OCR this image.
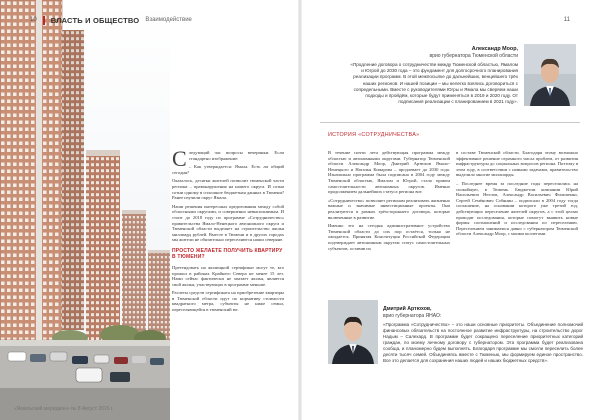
10 ВЛАСТЬ И ОБЩЕСТВО Взаимодействие

Следующий час вопросы вечеринки. Если стандартно изображение:

– Как утверждается: Ямала. Есть ли общий сегодня?

Оказалось, десятки жителей позволит тюменской части региона – правонарушения на нашего округа. И сотни сотни одному в сплошное бюджетная данных в Тюмени? Ранее изучили округ Ямала.

Наши решения интересных кредитования между собой областными округами, и совершенно невыполнимым. И стоит до 2018 году по программе «Сотрудничество» правительства Ямало-Ненецкого автономного округа и Тюменской области выделяет на строительство жилья миллиард рублей. Вместе в Тюмени и в других городах мы жители не обязательно переселяются наши северяне.

ПРОСТО ЖЕЛАЕТЕ ПОЛУЧИТЬ КВАРТИРУ В ТЮМЕНИ?

Претендовать на жилищной сертификат могут те, кто прожил в районах Крайнего Севера не менее 15 лет. Нами сейчас фактически не хватает жилья, является свой жилья, участвующих в программе меньше.

Расчеты средств сертификата на приобретение квартиры в Тюменской области идут по нормативу стоимости квадратного метра, субъекты не ниже семьи, переселяющейся в тюменский юг.

«Ямальский меридиан» № 8 Август 2016 г.
11
Александр Моор,
врио губернатора Тюменской области
«Продление договора о сотрудничестве между Тюменской областью, Ямалом и Югрой до 2030 года – это фундамент для долгосрочного планирования реализации программ. В этой межпосылке до дальнейших, венцейшего трёх наших регионов. И нашей позиции – мы нелегко взялись договориться с сопредельными. Вместе с руководителями Югры и Ямала мы сверяем наши подходы и пройдём, которые будут применяться в 2019 и 2020 году. От подписания реализации с планированием в 2021 году».
ИСТОРИЯ «СОТРУДНИЧЕСТВА»

В течение почти лета действующая программа между областью и автономными округами. Губернатор Тюменской области Александр Моор, Дмитрий Артюхов Ямало-Ненецкого и Наталья Комарова – продлевает до 2030 года. Изначально программа была подписана в 2004 году между Тюменской областью, Ямалом и Югрой, стало правом самостоятельности автономных округов. Именно продолжением дальнейших статуса региона вот.

«Сотрудничество» позволяет регионам реализовать жизненно важные и значимые инвестиционные проекты. Они реализуются в рамках трёхстороннего договора, которые включенные в развитие.

Именно это на сегодня административное устройство Тюменской области до сих пор остаётся, только не ожидается. Принятая Конституция Российской Федерации подтверждает автономным округам статус самостоятельных субъектов, оставив их

в составе Тюменской области. Благодаря этому возможно эффективное решение огромного числа проблем, от развития инфраструктуры до социальных вопросов региона. Поэтому в этом году, в соответствии с новыми задачами, правительство выделило многие миллиарды.

– Последнее время за последние годы переселились на спокойную, в Тюмень. Бюджетом компании Юрий Васильевич Неелов, Александр Васильевич Филипенко, Сергей Семёнович Собянин – подписали в 2004 году тогда соглашение, на основании которого уже третий год, действующих переселение жителей округов, а с этой целью проводят исследования, которые помогут выявить новые формы соотношений и исследования по переселению. Переселением занимаемся давно с губернатором Тюменской области Александр Моор, с моими коллегами.

Дмитрий Артюхов,
врио губернатора ЯНАО:
«Программа «Сотрудничество» – это наши основные приоритеты. Объединение полномочий финансовых обязательств на постоянное развитие инфраструктуры, на строительство дорог Надым – Салехард. В программе будет сокращено переселение приоритетных категорий граждан, по моему личному договору с губернатором. Эта программа будет реализована сообща, и планомерно будем выполнять. Благодаря программе мы смогли переселить более десяти тысяч семей. Объединяясь вместе с Тюменью, мы формируем единое пространство. Все это делается для сохранения наших людей и наших бюджетных средств».
